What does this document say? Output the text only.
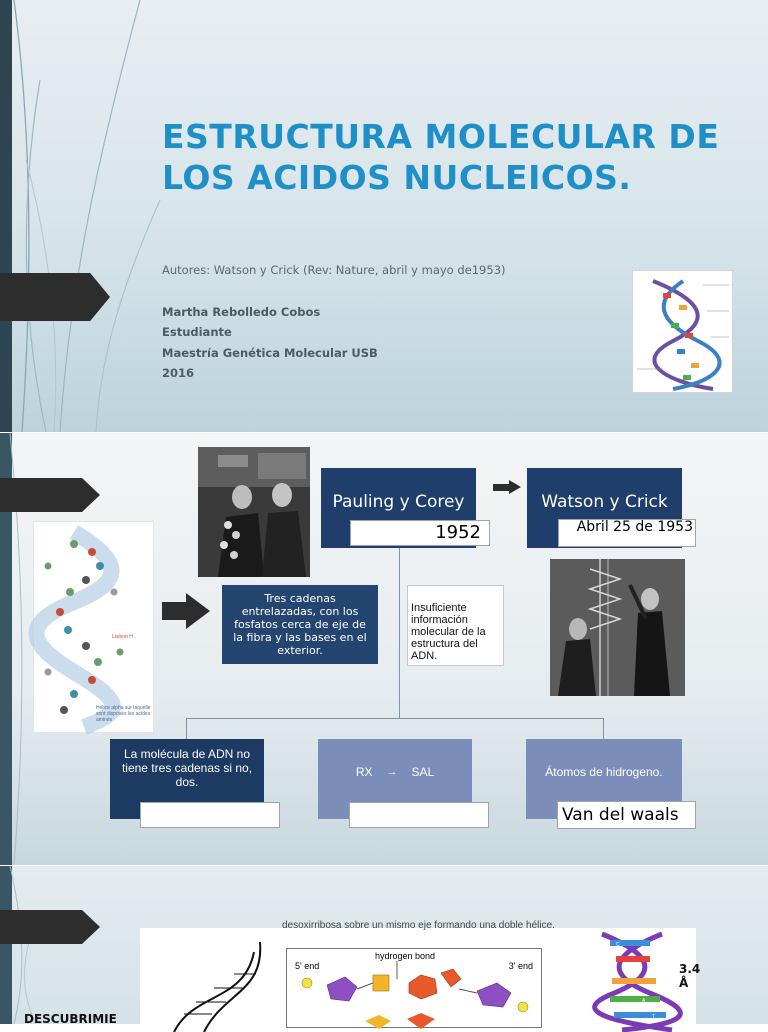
ESTRUCTURA MOLECULAR DE LOS ACIDOS NUCLEICOS.
Autores: Watson y Crick (Rev: Nature, abril y mayo de1953)
Martha Rebolledo Cobos
Estudiante
Maestría Genética Molecular USB
2016
Liaison H
Hélice alpha sur laquelle sont disposés les acides aminés
Pauling y Corey
1952
Watson y Crick
Abril 25 de 1953
Tres cadenas entrelazadas, con los fosfatos cerca de eje de la fibra y las bases en el exterior.
Insuficiente información molecular de la estructura del ADN.
La molécula de ADN no tiene tres cadenas si no, dos.
RX → SAL	Átomos de hidrogeno.
Van del waals
DESCUBRIMIE
desoxirribosa sobre un mismo eje formando una doble hélice.
5' end
hydrogen bond
3' end
C
T
A
3.4 Å
